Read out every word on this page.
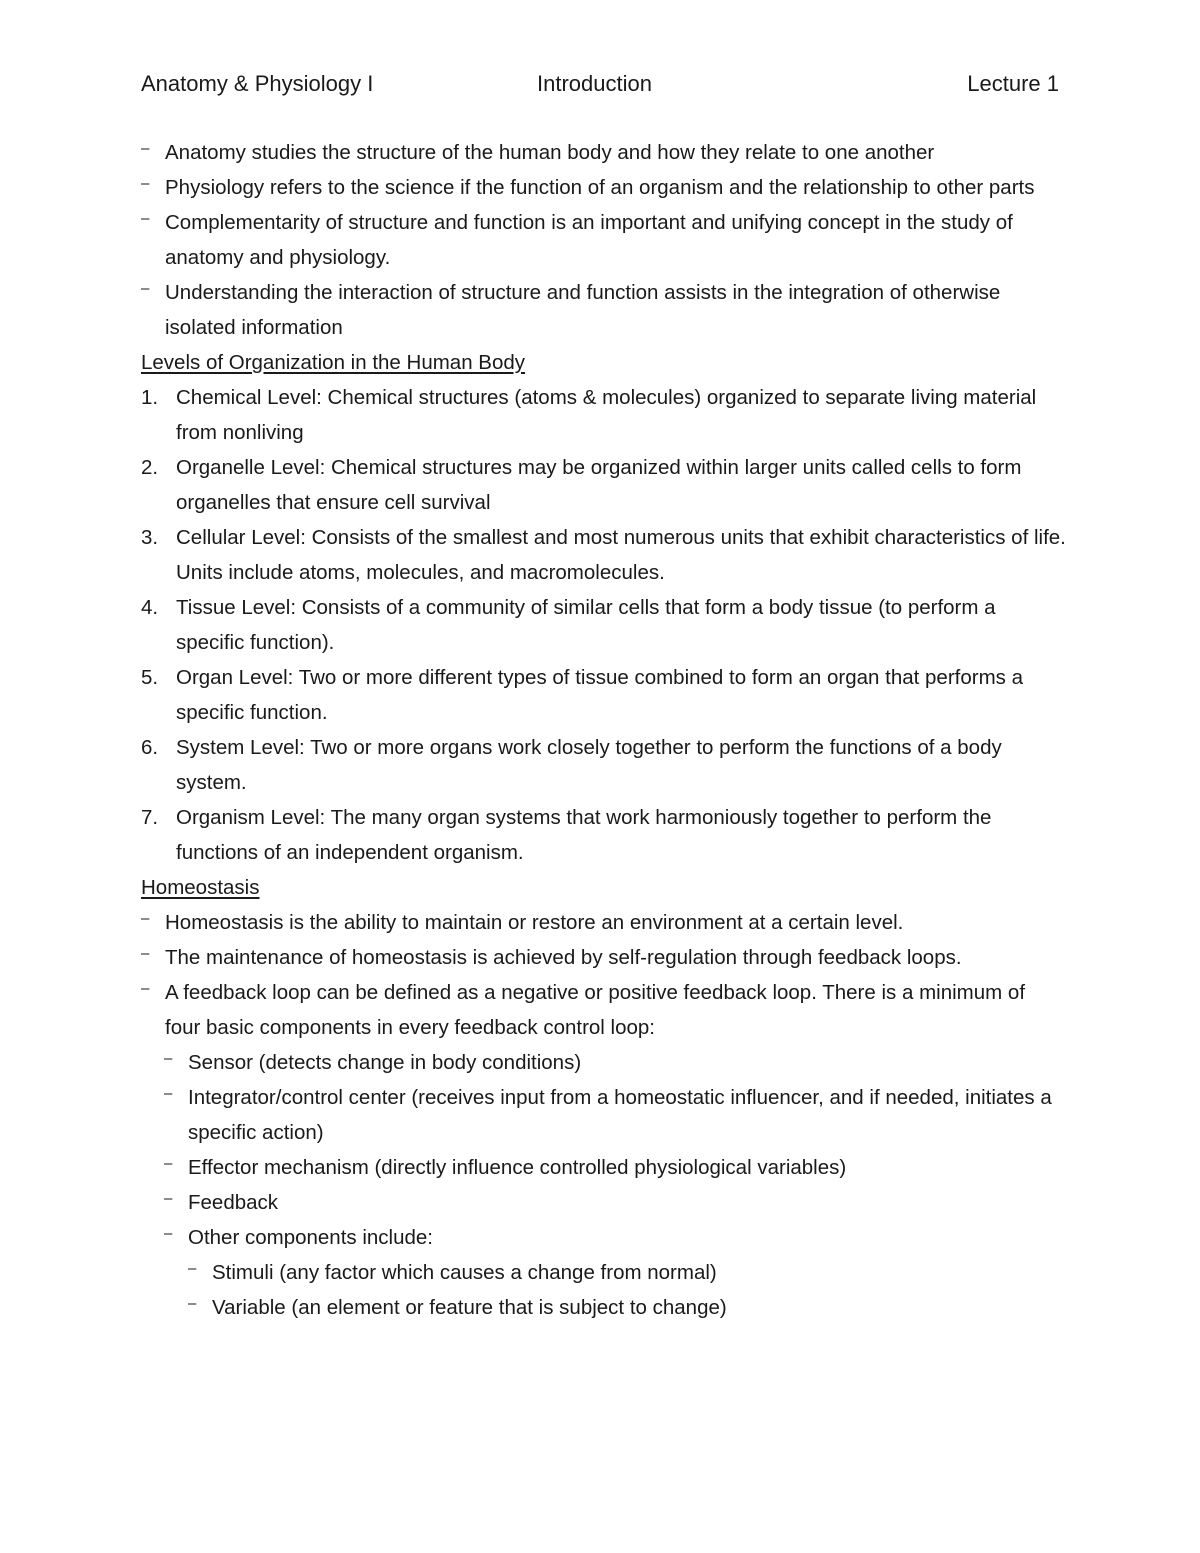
Anatomy & Physiology I	Introduction	Lecture 1
– Anatomy studies the structure of the human body and how they relate to one another
– Physiology refers to the science if the function of an organism and the relationship to other parts
– Complementarity of structure and function is an important and unifying concept in the study of anatomy and physiology.
– Understanding the interaction of structure and function assists in the integration of otherwise isolated information

Levels of Organization in the Human Body

1. Chemical Level: Chemical structures (atoms & molecules) organized to separate living material from nonliving
2. Organelle Level: Chemical structures may be organized within larger units called cells to form organelles that ensure cell survival
3. Cellular Level: Consists of the smallest and most numerous units that exhibit characteristics of life. Units include atoms, molecules, and macromolecules.
4. Tissue Level: Consists of a community of similar cells that form a body tissue (to perform a specific function).
5. Organ Level: Two or more different types of tissue combined to form an organ that performs a specific function.
6. System Level: Two or more organs work closely together to perform the functions of a body system.
7. Organism Level: The many organ systems that work harmoniously together to perform the functions of an independent organism.

Homeostasis

– Homeostasis is the ability to maintain or restore an environment at a certain level.
– The maintenance of homeostasis is achieved by self-regulation through feedback loops.
– A feedback loop can be defined as a negative or positive feedback loop. There is a minimum of four basic components in every feedback control loop:
– Sensor (detects change in body conditions)
– Integrator/control center (receives input from a homeostatic influencer, and if needed, initiates a specific action)
– Effector mechanism (directly influence controlled physiological variables)
– Feedback
– Other components include:
– Stimuli (any factor which causes a change from normal)
– Variable (an element or feature that is subject to change)
